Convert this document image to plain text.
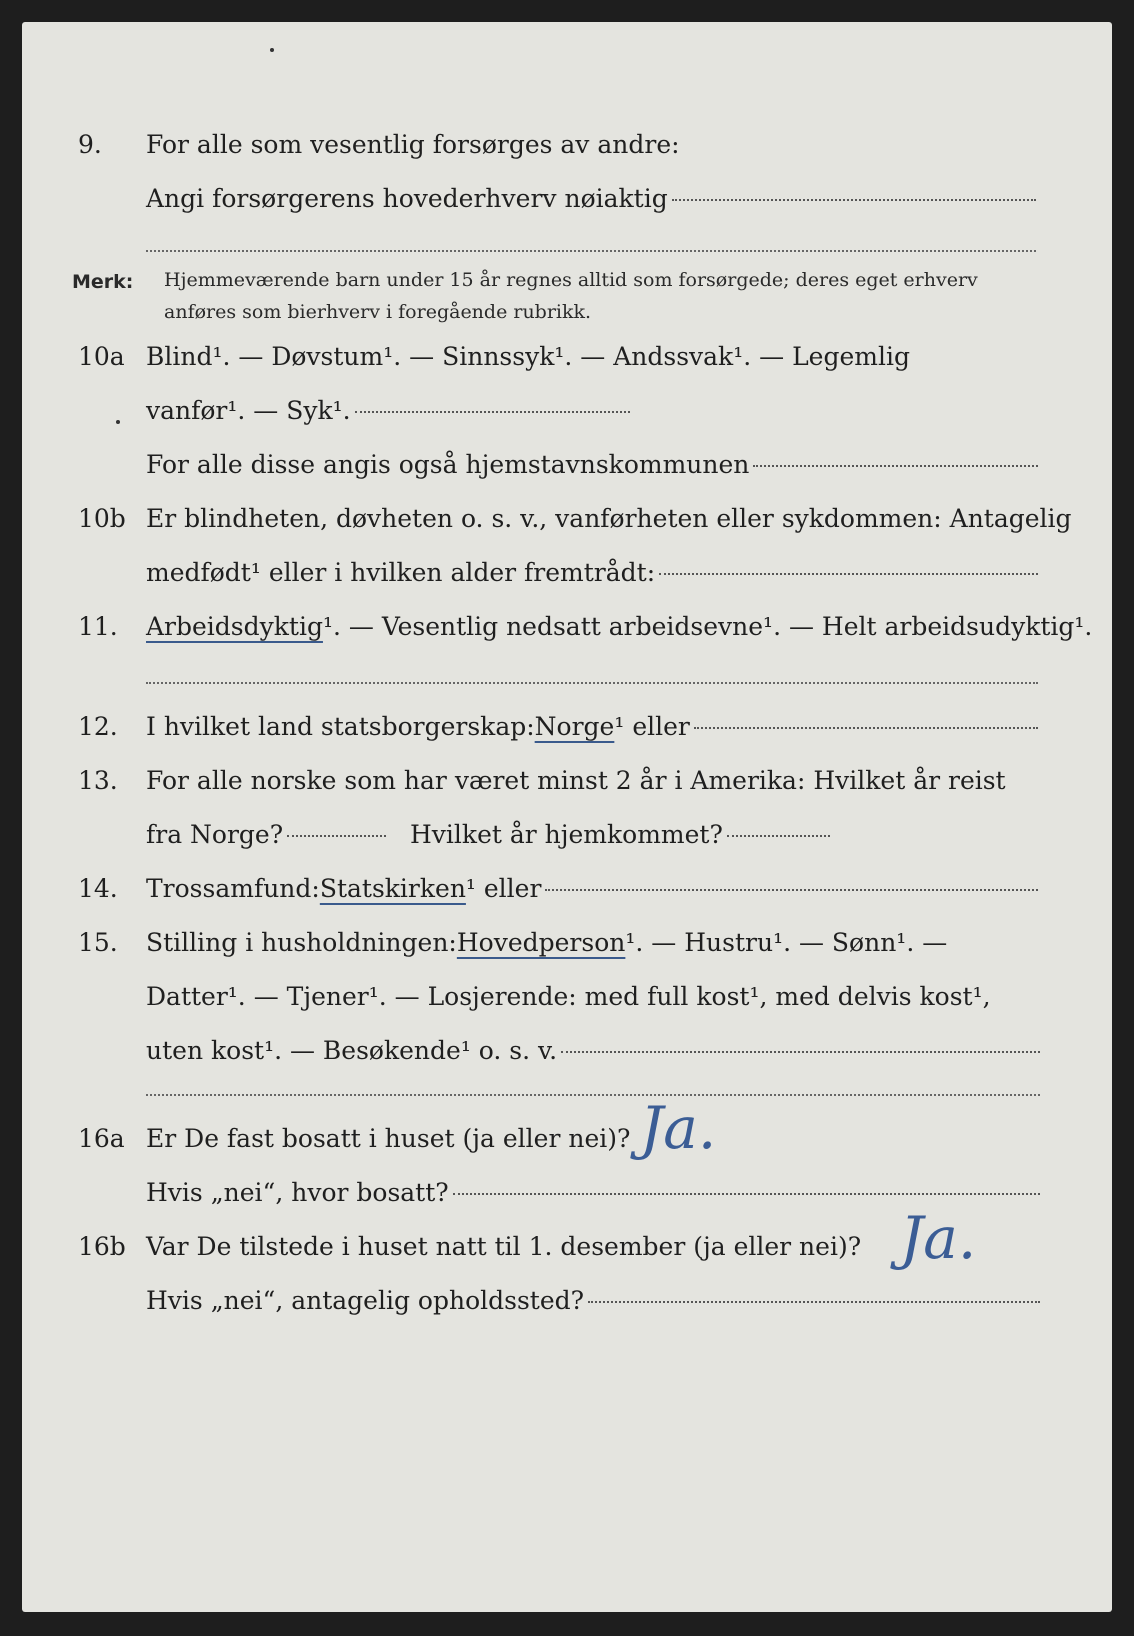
9. For alle som vesentlig forsørges av andre:
Angi forsørgerens hovederhverv nøiaktig
Merk: Hjemmeværende barn under 15 år regnes alltid som forsørgede; deres eget erhverv
anføres som bierhverv i foregående rubrikk.
10a Blind¹. — Døvstum¹. — Sinnssyk¹. — Andssvak¹. — Legemlig
vanfør¹. — Syk¹.
For alle disse angis også hjemstavnskommunen
10b Er blindheten, døvheten o. s. v., vanførheten eller sykdommen: Antagelig
medfødt¹ eller i hvilken alder fremtrådt:
11. Arbeidsdyktig ¹. — Vesentlig nedsatt arbeidsevne¹. — Helt arbeidsudyktig¹.
12. I hvilket land statsborgerskap: Norge ¹ eller
13. For alle norske som har været minst 2 år i Amerika: Hvilket år reist
fra Norge?	Hvilket år hjemkommet?
14. Trossamfund: Statskirken ¹ eller
15. Stilling i husholdningen: Hovedperson ¹. — Hustru¹. — Sønn¹. —
Datter¹. — Tjener¹. — Losjerende: med full kost¹, med delvis kost¹,
uten kost¹. — Besøkende¹ o. s. v.
16a Er De fast bosatt i huset (ja eller nei)? Ja.
Hvis „nei“, hvor bosatt?
16b Var De tilstede i huset natt til 1. desember (ja eller nei)? Ja.
Hvis „nei“, antagelig opholdssted?
